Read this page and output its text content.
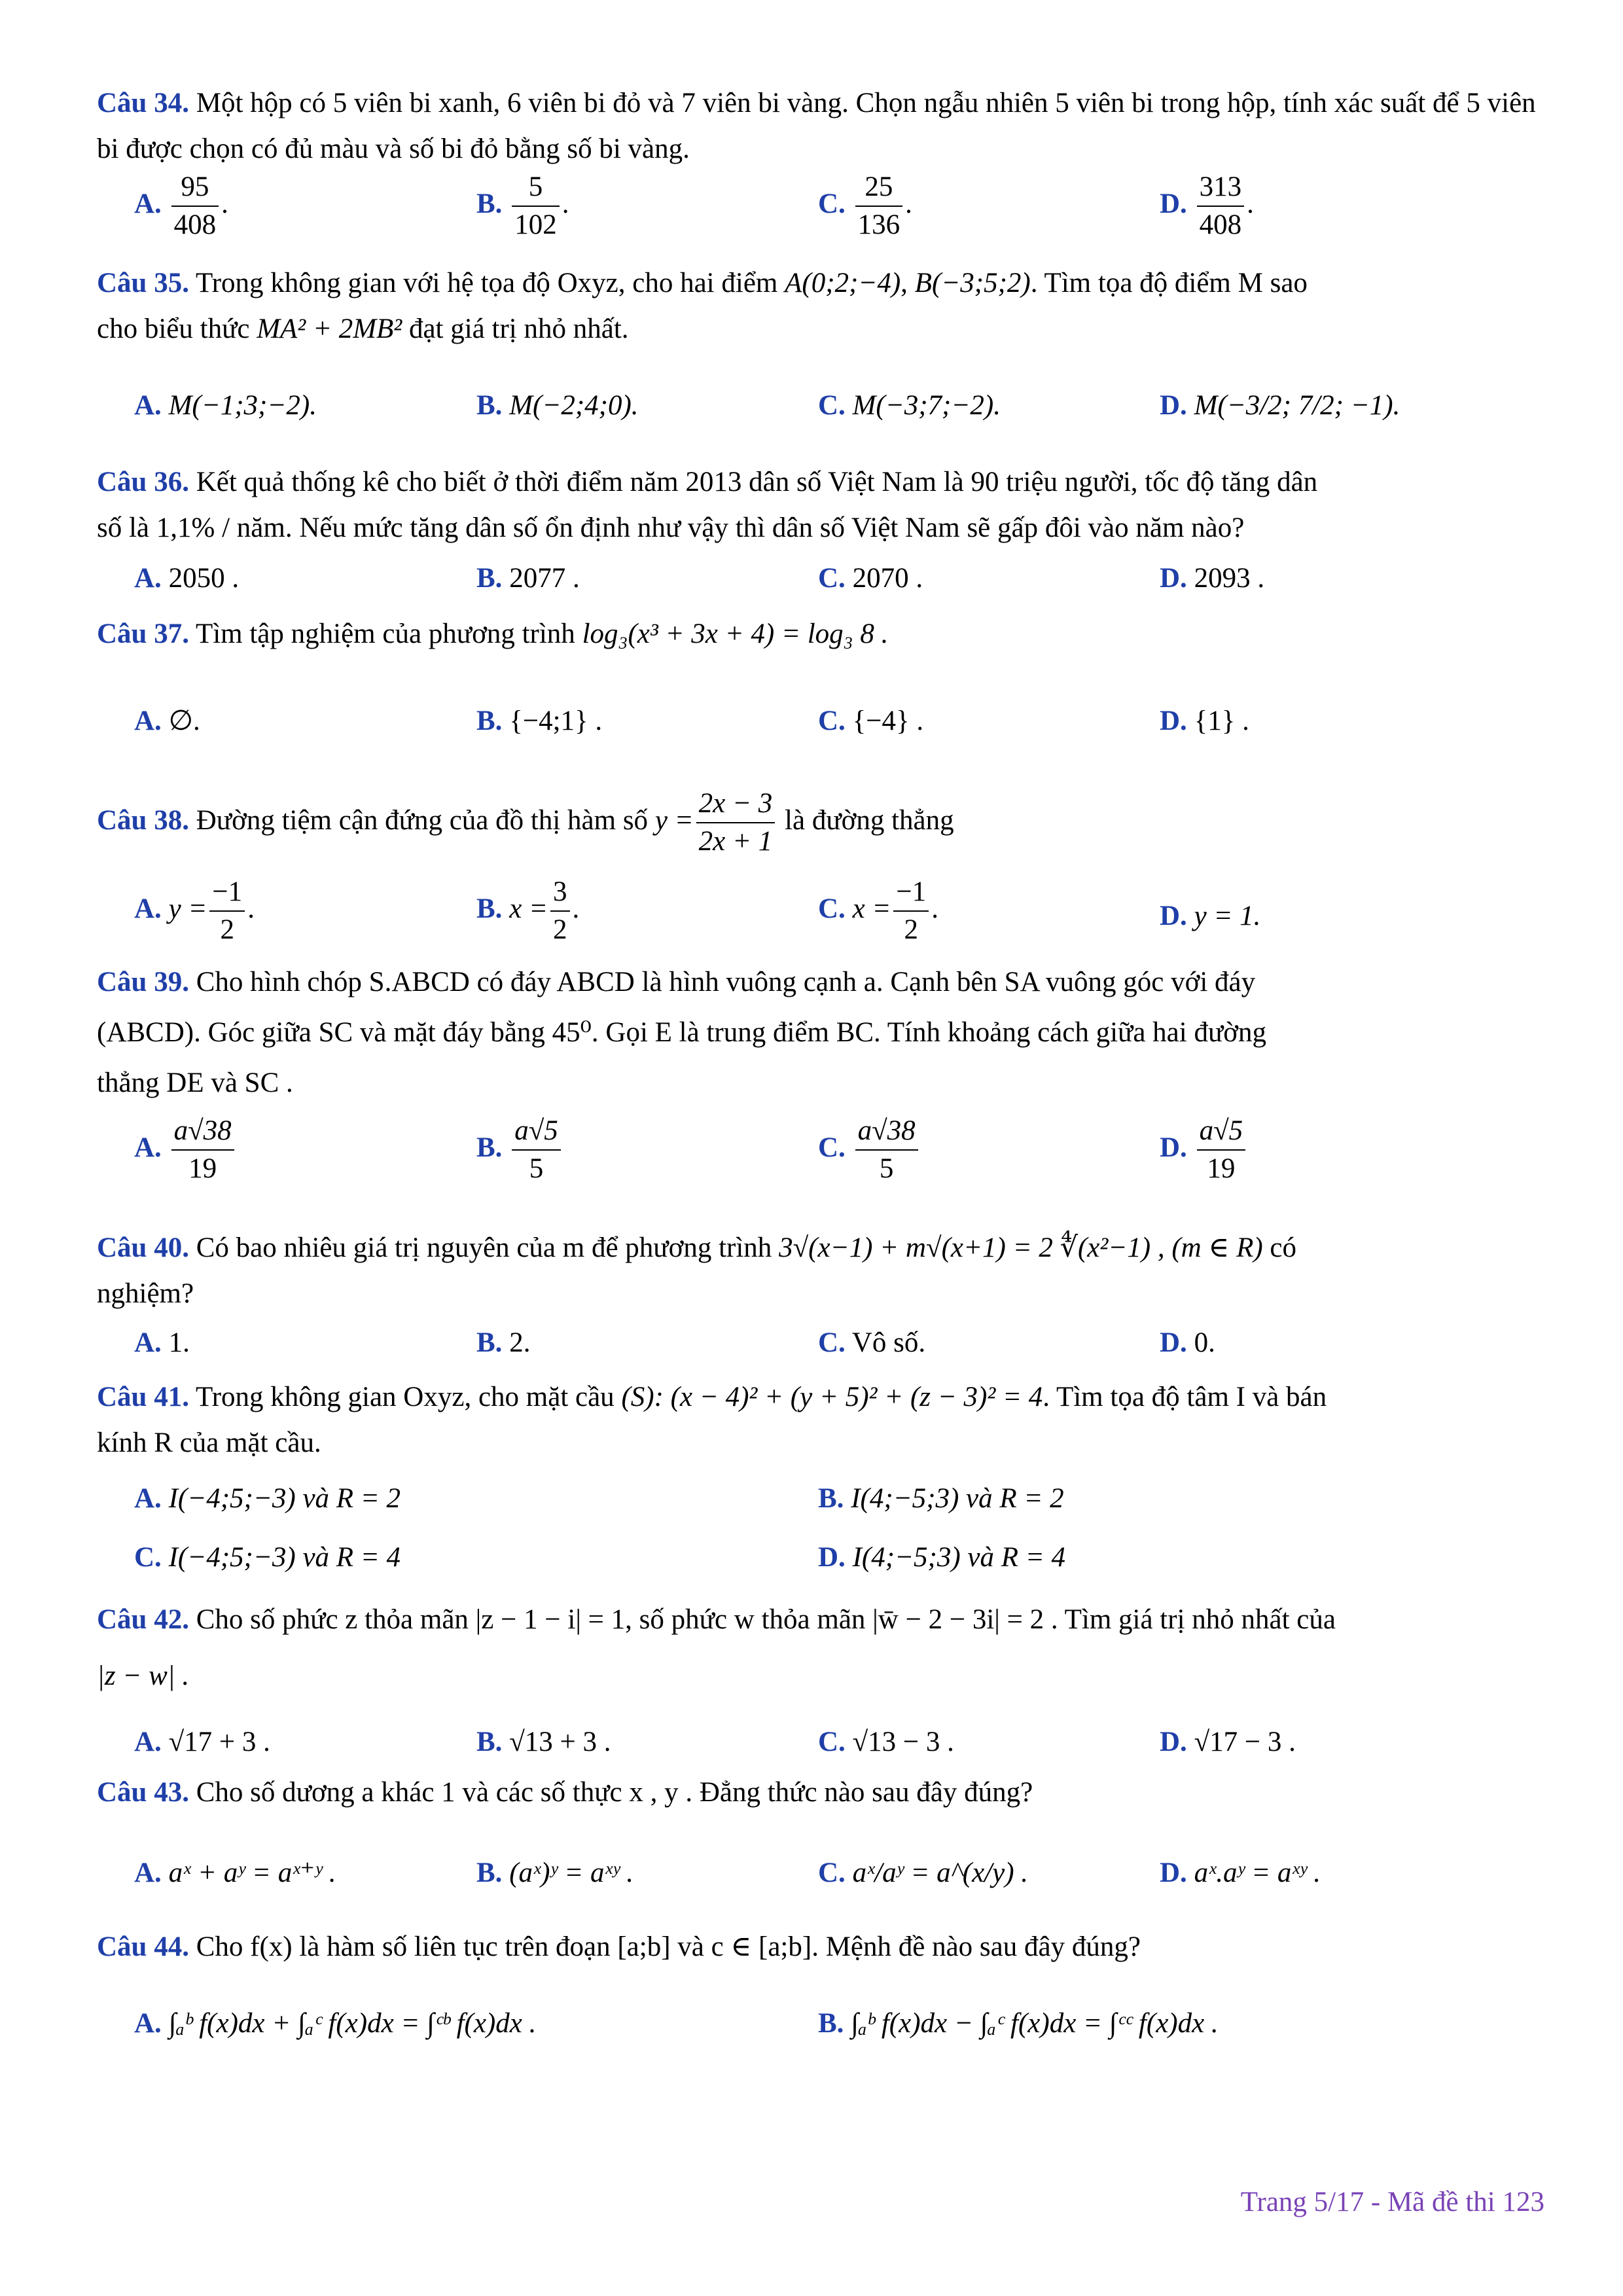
Câu 34. Một hộp có 5 viên bi xanh, 6 viên bi đỏ và 7 viên bi vàng. Chọn ngẫu nhiên 5 viên bi trong hộp, tính xác suất để 5 viên bi được chọn có đủ màu và số bi đỏ bằng số bi vàng.
A. $\frac{95}{408}$ .	B. $\frac{5}{102}$ .	C. $\frac{25}{136}$ .	D. $\frac{313}{408}$ .
Câu 35. Trong không gian với hệ tọa độ Oxyz, cho hai điểm A(0;2;−4), B(−3;5;2). Tìm tọa độ điểm M sao
cho biểu thức MA² + 2MB² đạt giá trị nhỏ nhất.
A. M(−1;3;−2).	B. M(−2;4;0).	C. M(−3;7;−2).	D. M(−3/2; 7/2; −1).
Câu 36. Kết quả thống kê cho biết ở thời điểm năm 2013 dân số Việt Nam là 90 triệu người, tốc độ tăng dân
số là 1,1% / năm. Nếu mức tăng dân số ổn định như vậy thì dân số Việt Nam sẽ gấp đôi vào năm nào?
A. 2050 .	B. 2077 .	C. 2070 .	D. 2093 .
Câu 37. Tìm tập nghiệm của phương trình log₃(x³ + 3x + 4) = log₃ 8 .
A. ∅.	B. {−4;1} .	C. {−4} .	D. {1} .
Câu 38. Đường tiệm cận đứng của đồ thị hàm số $y = \frac{2x - 3}{2x + 1}$ là đường thẳng
A. $y = \frac{-1}{2}$ .	B. $x = \frac{3}{2}$ .	C. $x = \frac{-1}{2}$ .	D. y = 1.
Câu 39. Cho hình chóp S.ABCD có đáy ABCD là hình vuông cạnh a. Cạnh bên SA vuông góc với đáy
(ABCD). Góc giữa SC và mặt đáy bằng 45⁰. Gọi E là trung điểm BC. Tính khoảng cách giữa hai đường
thẳng DE và SC .
A. $\frac{a√38}{19}$	B. $\frac{a√5}{5}$	C. $\frac{a√38}{5}$	D. $\frac{a√5}{19}$
Câu 40. Có bao nhiêu giá trị nguyên của m để phương trình 3√(x−1) + m√(x+1) = 2 ∜(x²−1) , (m ∈ R) có
nghiệm?
A. 1.	B. 2.	C. Vô số.	D. 0.
Câu 41. Trong không gian Oxyz, cho mặt cầu (S): (x − 4)² + (y + 5)² + (z − 3)² = 4. Tìm tọa độ tâm I và bán
kính R của mặt cầu.
A. I(−4;5;−3) và R = 2	B. I(4;−5;3) và R = 2
C. I(−4;5;−3) và R = 4	D. I(4;−5;3) và R = 4
Câu 42. Cho số phức z thỏa mãn |z − 1 − i| = 1, số phức w thỏa mãn |w̄ − 2 − 3i| = 2 . Tìm giá trị nhỏ nhất của
|z − w| .
A. √17 + 3 .	B. √13 + 3 .	C. √13 − 3 .	D. √17 − 3 .
Câu 43. Cho số dương a khác 1 và các số thực x , y . Đẳng thức nào sau đây đúng?
A. aˣ + aʸ = aˣ⁺ʸ .	B. (aˣ)ʸ = aˣʸ .	C. aˣ/aʸ = a^(x/y) .	D. aˣ.aʸ = aˣʸ .
Câu 44. Cho f(x) là hàm số liên tục trên đoạn [a;b] và c ∈ [a;b]. Mệnh đề nào sau đây đúng?
A. ∫ₐᵇ f(x)dx + ∫ₐᶜ f(x)dx = ∫ᶜᵇ f(x)dx .	B. ∫ₐᵇ f(x)dx − ∫ₐᶜ f(x)dx = ∫ᶜᶜ f(x)dx .
Trang 5/17 - Mã đề thi 123
